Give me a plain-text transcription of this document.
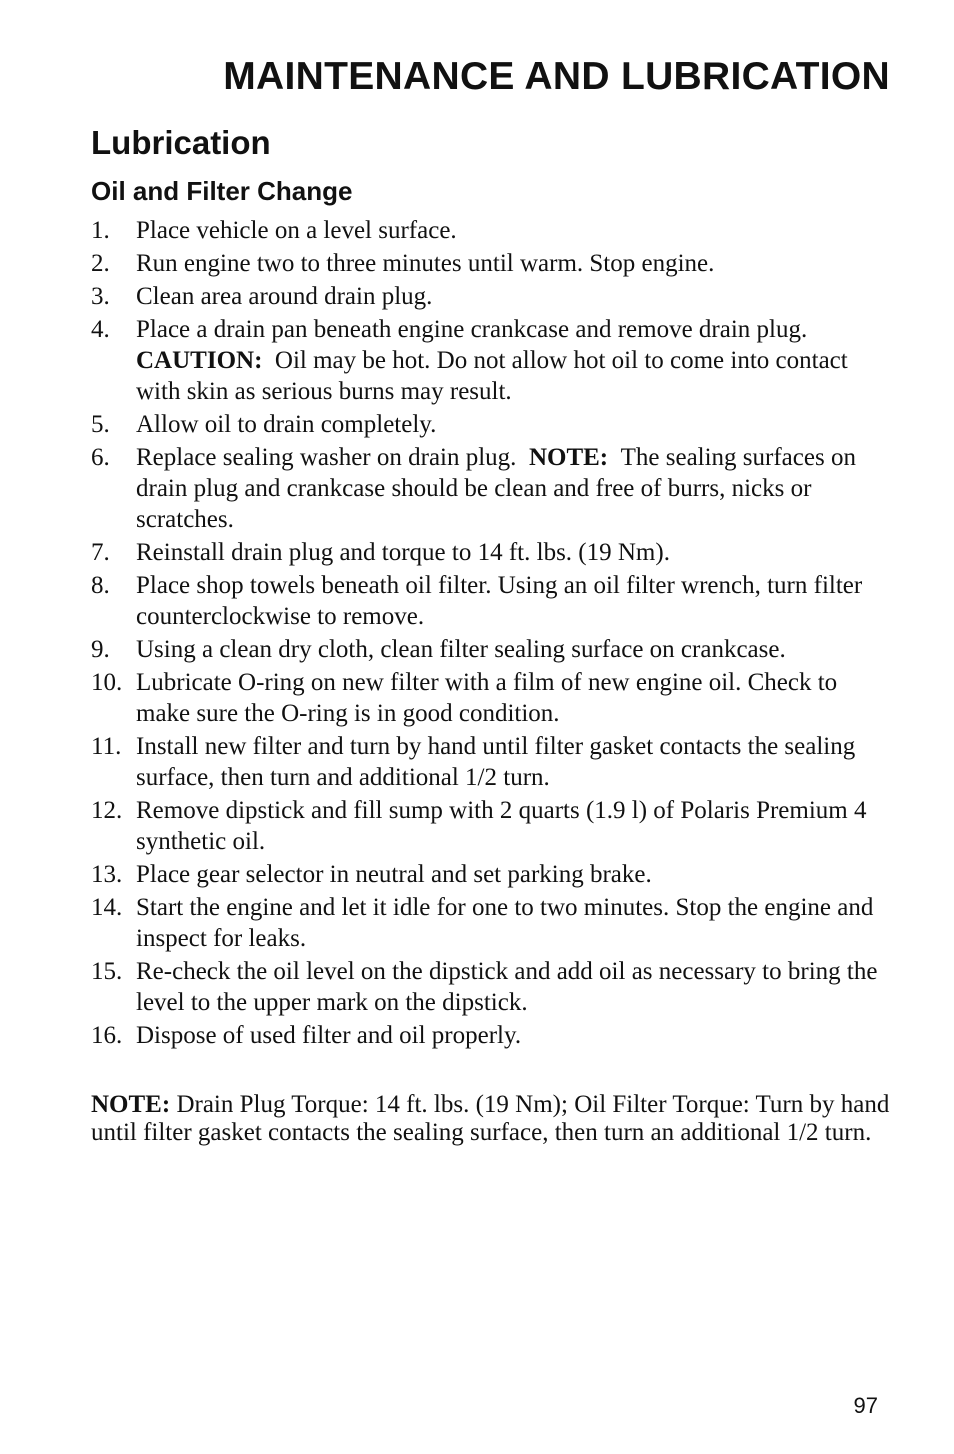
MAINTENANCE AND LUBRICATION
Lubrication
Oil and Filter Change
1. Place vehicle on a level surface.
2. Run engine two to three minutes until warm. Stop engine.
3. Clean area around drain plug.
4. Place a drain pan beneath engine crankcase and remove drain plug.
CAUTION: Oil may be hot. Do not allow hot oil to come into contact with skin as serious burns may result.
5. Allow oil to drain completely.
6. Replace sealing washer on drain plug. NOTE: The sealing surfaces on drain plug and crankcase should be clean and free of burrs, nicks or scratches.
7. Reinstall drain plug and torque to 14 ft. lbs. (19 Nm).
8. Place shop towels beneath oil filter. Using an oil filter wrench, turn filter counterclockwise to remove.
9. Using a clean dry cloth, clean filter sealing surface on crankcase.
10. Lubricate O-ring on new filter with a film of new engine oil. Check to make sure the O-ring is in good condition.
11. Install new filter and turn by hand until filter gasket contacts the sealing surface, then turn and additional 1/2 turn.
12. Remove dipstick and fill sump with 2 quarts (1.9 l) of Polaris Premium 4 synthetic oil.
13. Place gear selector in neutral and set parking brake.
14. Start the engine and let it idle for one to two minutes. Stop the engine and inspect for leaks.
15. Re-check the oil level on the dipstick and add oil as necessary to bring the level to the upper mark on the dipstick.
16. Dispose of used filter and oil properly.

NOTE: Drain Plug Torque: 14 ft. lbs. (19 Nm); Oil Filter Torque: Turn by hand until filter gasket contacts the sealing surface, then turn an additional 1/2 turn.

97
